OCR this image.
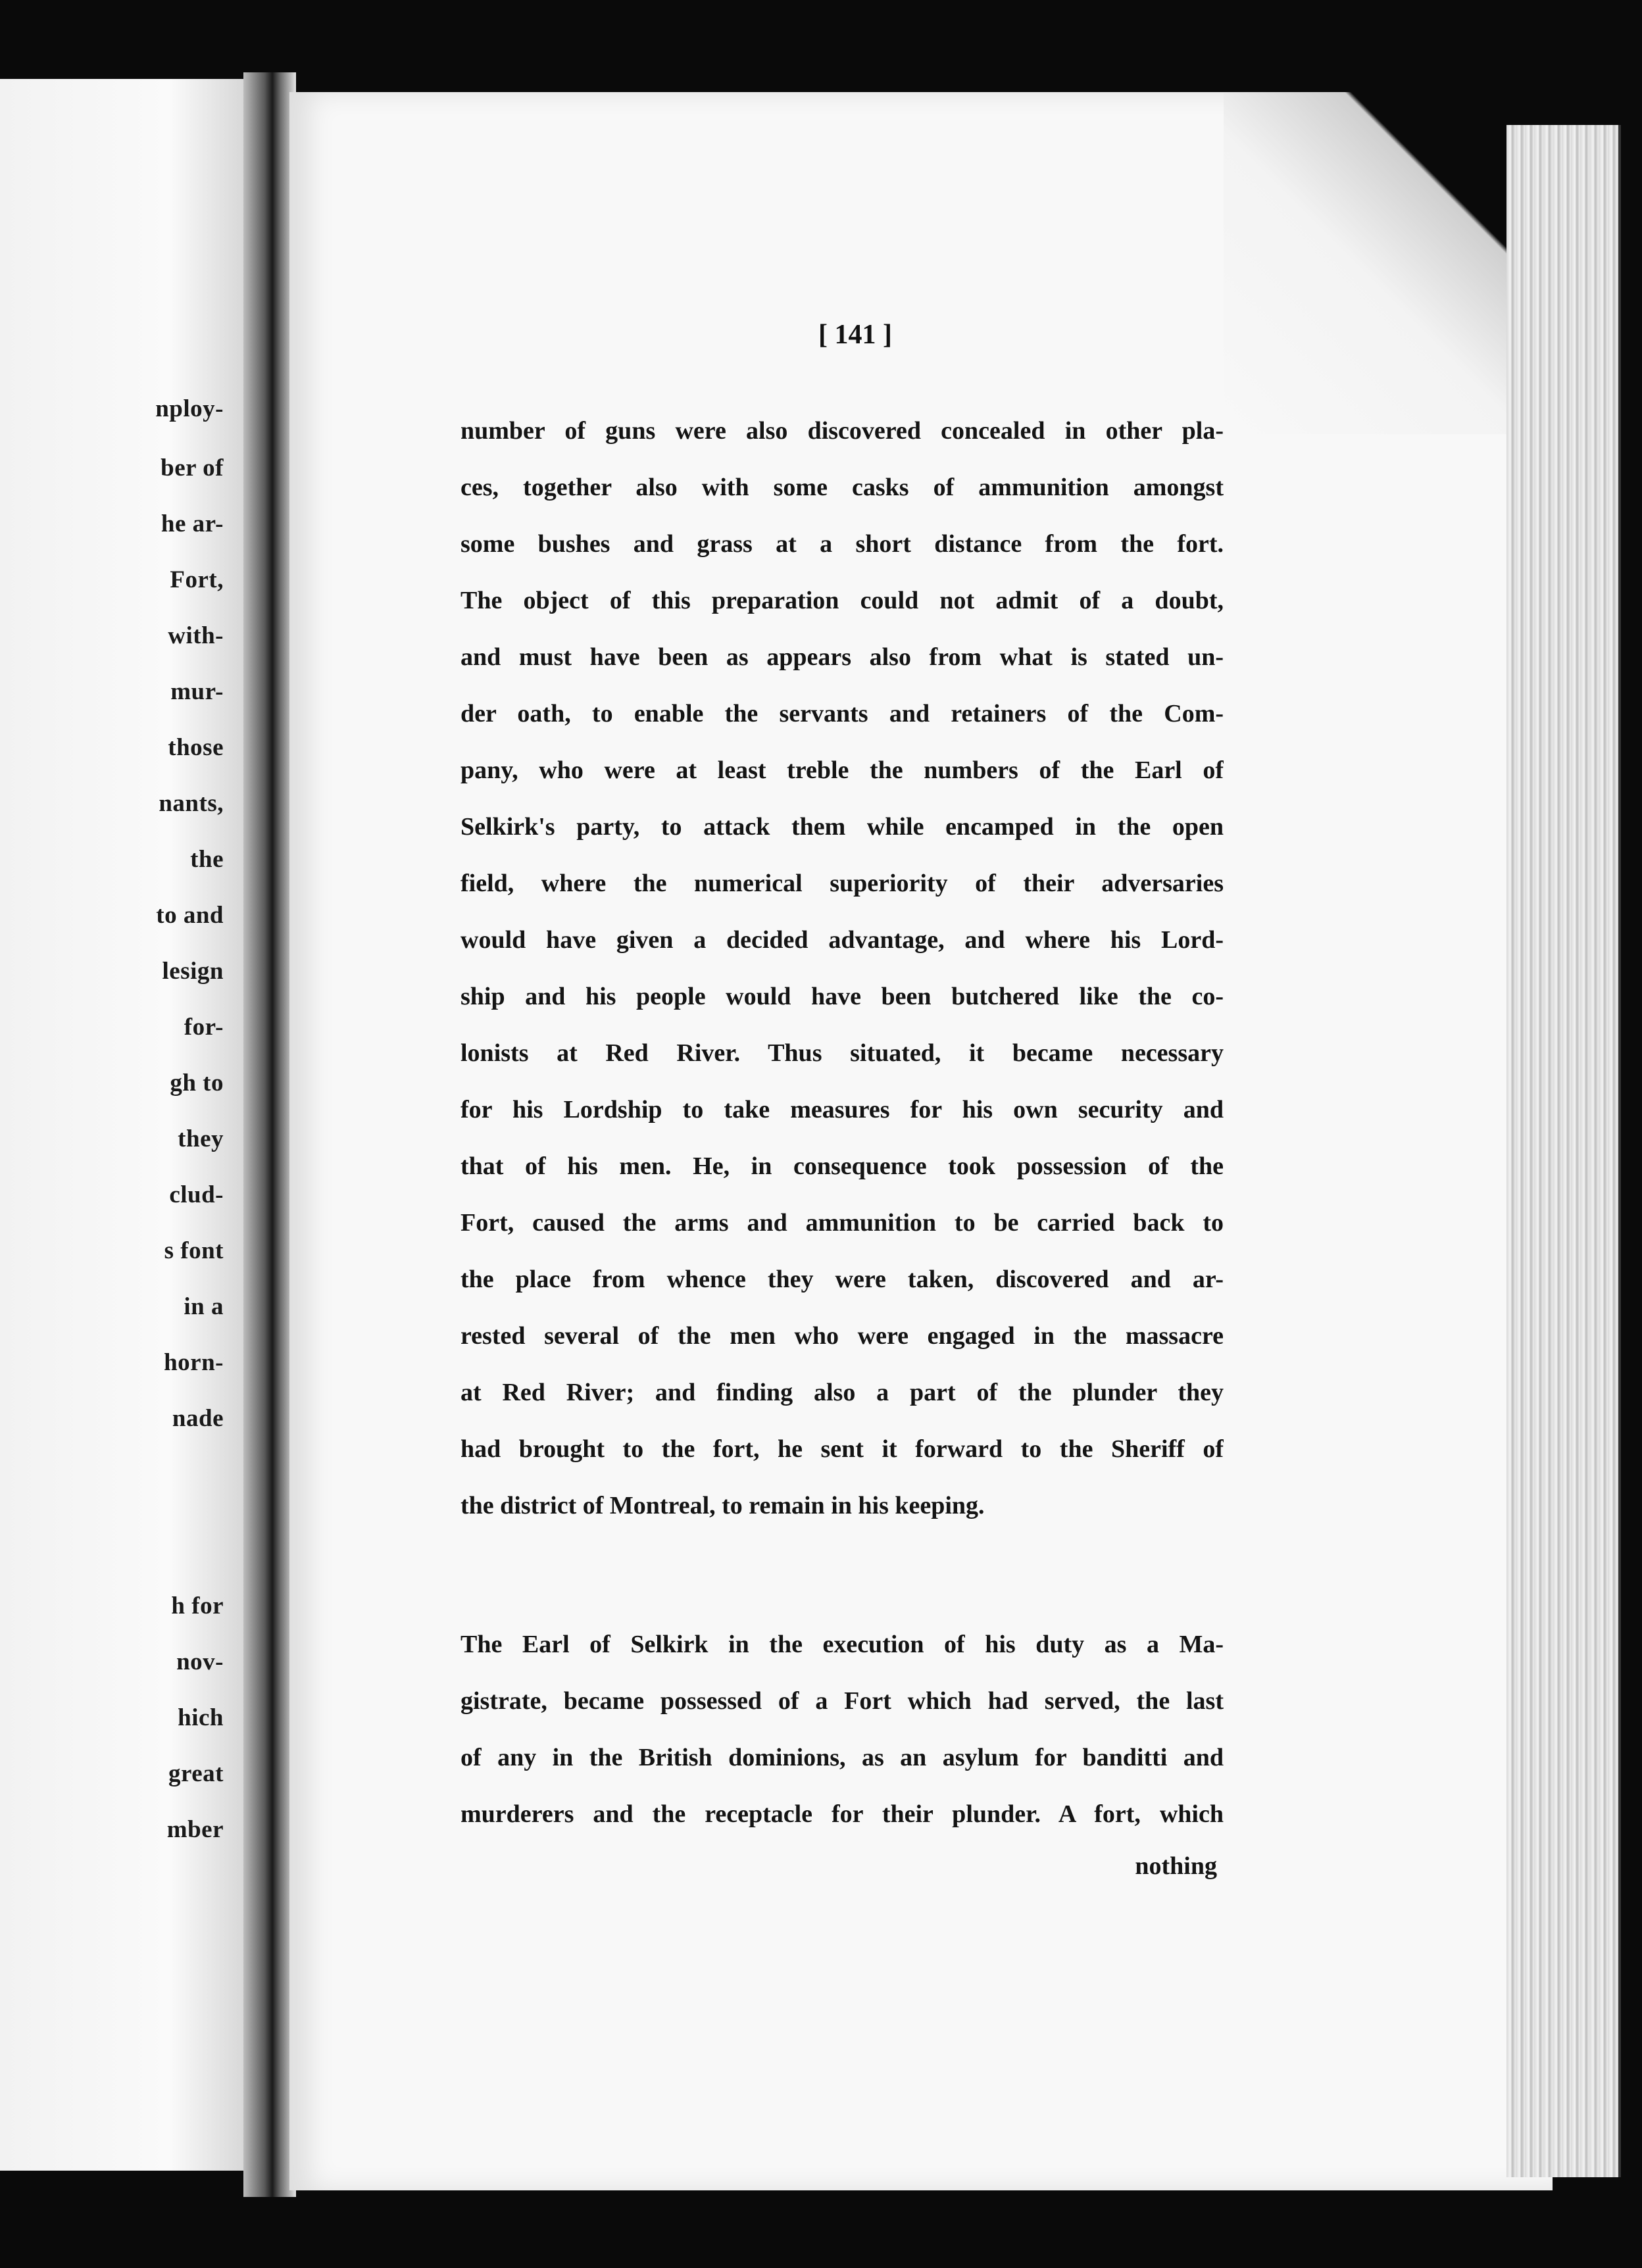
nploy-
ber of
he ar-
Fort,
with-
mur-
those
nants,
the
to and
lesign
for-
gh to
they
clud-
s font
in a
horn-
nade
h for
nov-
hich
great
mber
[ 141 ]
number of guns were also discovered concealed in other pla-
ces, together also with some casks of ammunition amongst
some bushes and grass at a short distance from the fort.
The object of this preparation could not admit of a doubt,
and must have been as appears also from what is stated un-
der oath, to enable the servants and retainers of the Com-
pany, who were at least treble the numbers of the Earl of
Selkirk's party, to attack them while encamped in the open
field, where the numerical superiority of their adversaries
would have given a decided advantage, and where his Lord-
ship and his people would have been butchered like the co-
lonists at Red River. Thus situated, it became necessary
for his Lordship to take measures for his own security and
that of his men. He, in consequence took possession of the
Fort, caused the arms and ammunition to be carried back to
the place from whence they were taken, discovered and ar-
rested several of the men who were engaged in the massacre
at Red River; and finding also a part of the plunder they
had brought to the fort, he sent it forward to the Sheriff of
the district of Montreal, to remain in his keeping.
The Earl of Selkirk in the execution of his duty as a Ma-
gistrate, became possessed of a Fort which had served, the last
of any in the British dominions, as an asylum for banditti and
murderers and the receptacle for their plunder. A fort, which
nothing
